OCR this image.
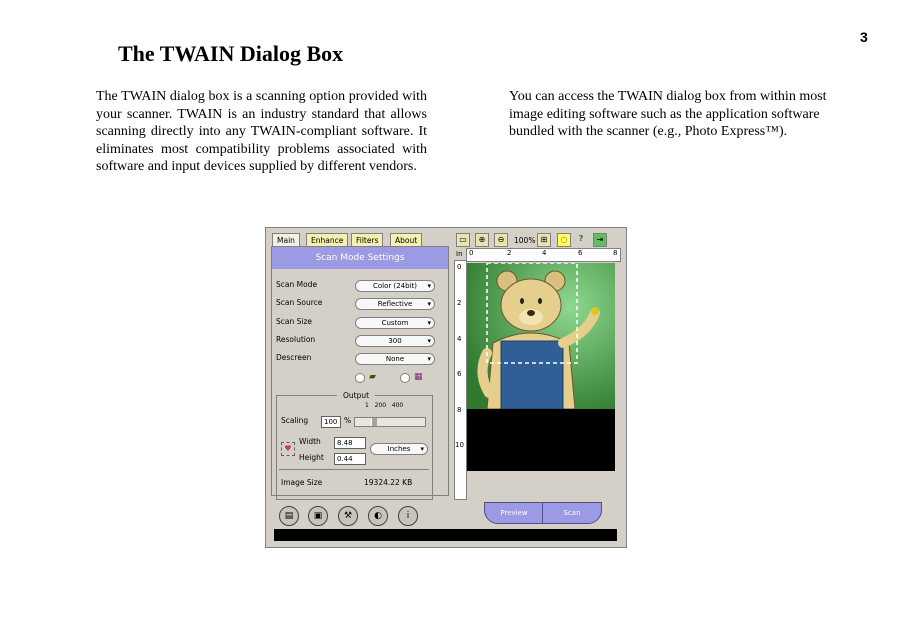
3
The TWAIN Dialog Box

The TWAIN dialog box is a scanning option provided with your scanner. TWAIN is an industry standard that allows scanning directly into any TWAIN-compliant software. It eliminates most compatibility problems associated with software and input devices supplied by different vendors.

You can access the TWAIN dialog box from within most image editing software such as the application software bundled with the scanner (e.g., Photo Express™).

Main	Enhance	Filters	About
Scan Mode Settings
Scan Mode	Color (24bit) ▾
Scan Source	Reflective ▾
Scan Size	Custom	▾
Resolution	300	▾
Descreen	None	▾
▰	▦
Output
1 200 400
Scaling	100 %
Width	8.48
Height	0.44
♥	Inches ▾
Image Size	19324.22 KB
▤	▣	⚒	◐	i
▭	⊕	⊖	100% ⊞	◌	?	⇥
0	2	4	6	8
In
0
2
4
6
8
10
Preview	Scan
